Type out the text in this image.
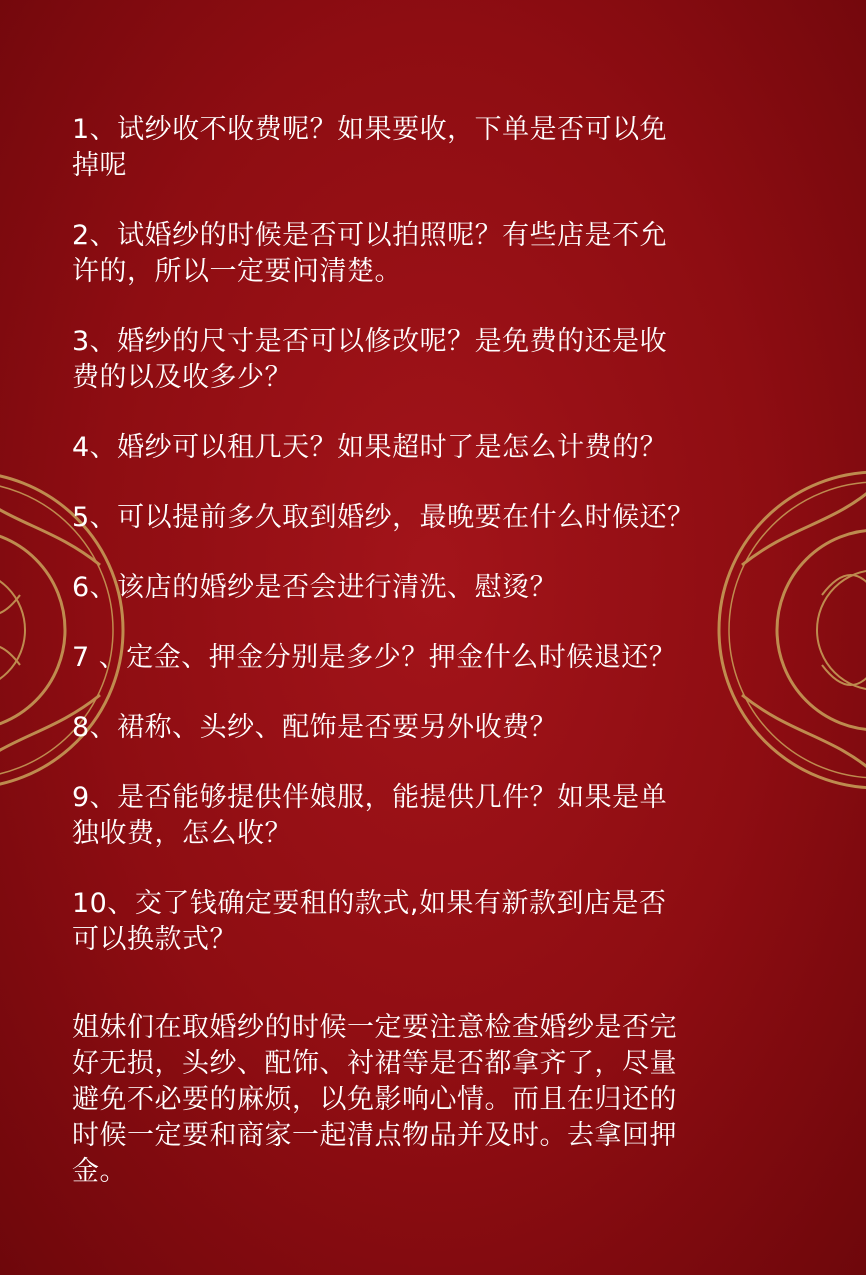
1、试纱收不收费呢？如果要收，下单是否可以免
掉呢
2、试婚纱的时候是否可以拍照呢？有些店是不允
许的，所以一定要问清楚。
3、婚纱的尺寸是否可以修改呢？是免费的还是收
费的以及收多少？
4、婚纱可以租几天？如果超时了是怎么计费的？
5、可以提前多久取到婚纱，最晚要在什么时候还？
6、该店的婚纱是否会进行清洗、慰烫？
7 、定金、押金分别是多少？押金什么时候退还？
8、裙称、头纱、配饰是否要另外收费？
9、是否能够提供伴娘服，能提供几件？如果是单
独收费，怎么收？
10、交了钱确定要租的款式,如果有新款到店是否
可以换款式？
姐妹们在取婚纱的时候一定要注意检查婚纱是否完
好无损，头纱、配饰、衬裙等是否都拿齐了，尽量
避免不必要的麻烦，以免影响心情。而且在归还的
时候一定要和商家一起清点物品并及时。去拿回押
金。
